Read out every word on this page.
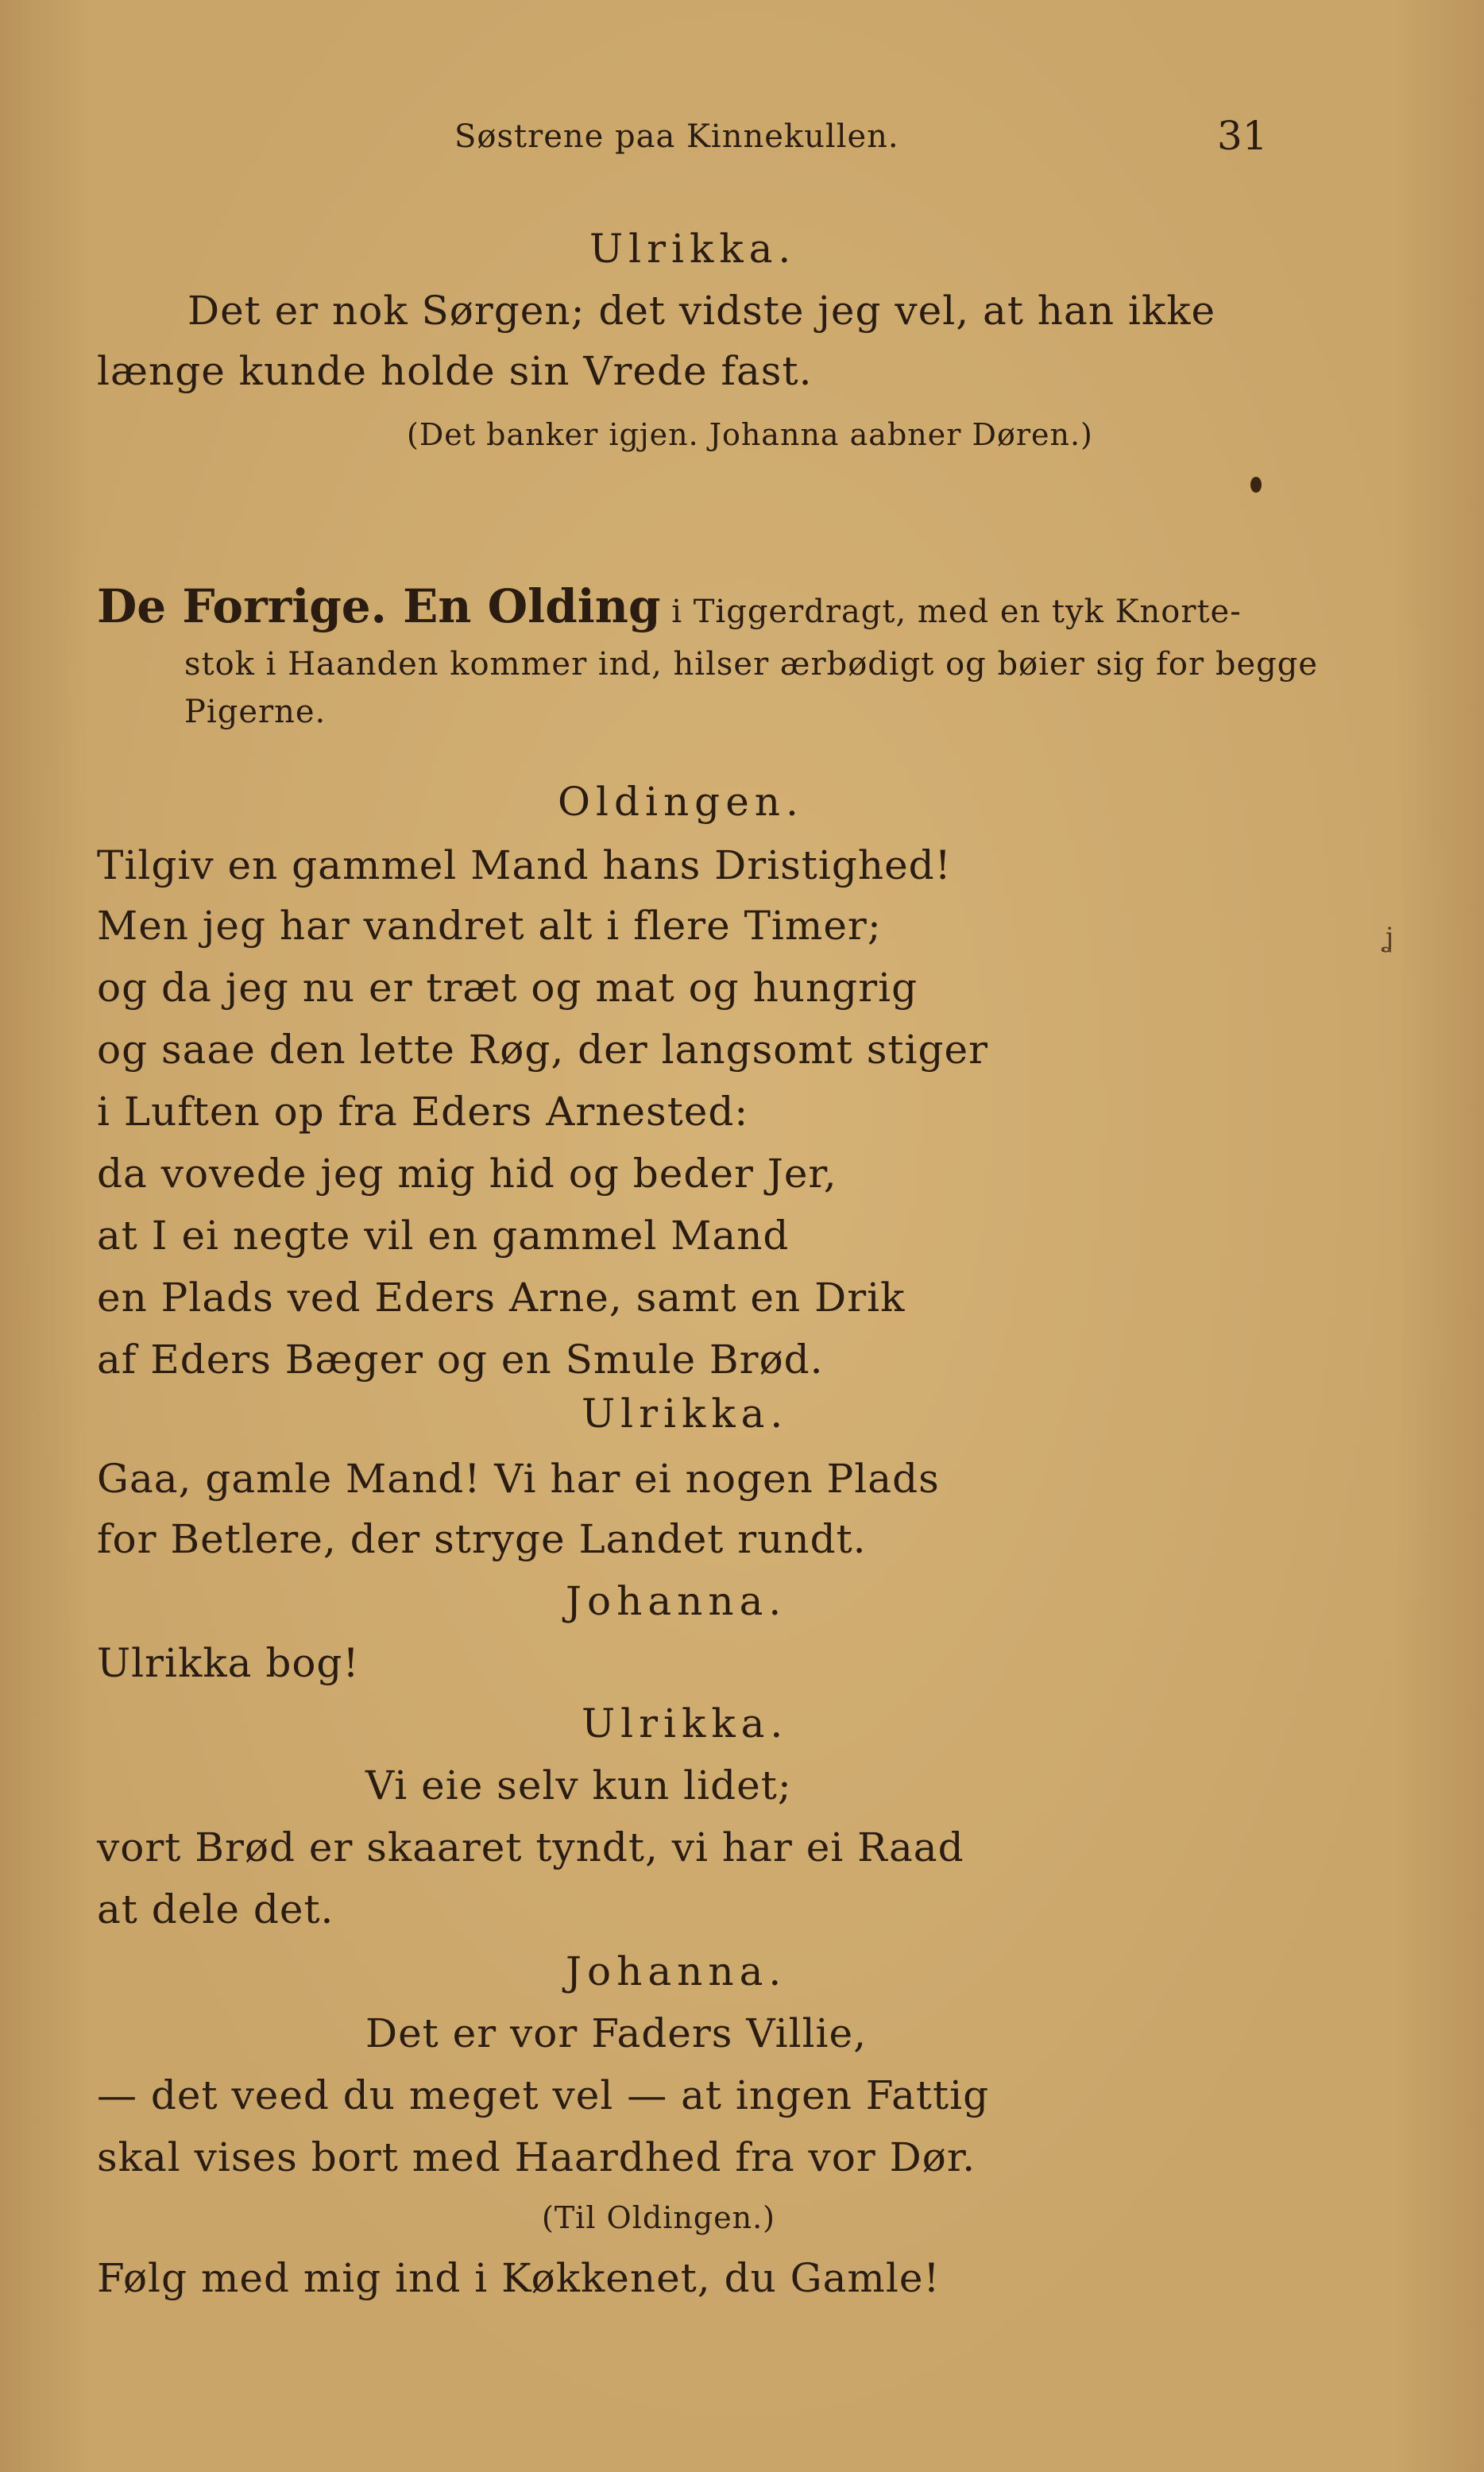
Søstrene paa Kinnekullen.	31
Ulrikka.
Det er nok Sørgen; det vidste jeg vel, at han ikke
længe kunde holde sin Vrede fast.
(Det banker igjen. Johanna aabner Døren.)
De Forrige. En Olding i Tiggerdragt, med en tyk Knorte-
stok i Haanden kommer ind, hilser ærbødigt og bøier sig for begge
Pigerne.
Oldingen.
Tilgiv en gammel Mand hans Dristighed!
Men jeg har vandret alt i flere Timer;
og da jeg nu er træt og mat og hungrig
og saae den lette Røg, der langsomt stiger
i Luften op fra Eders Arnested:
da vovede jeg mig hid og beder Jer,
at I ei negte vil en gammel Mand
en Plads ved Eders Arne, samt en Drik
af Eders Bæger og en Smule Brød.
ʝ
Ulrikka.
Gaa, gamle Mand! Vi har ei nogen Plads
for Betlere, der stryge Landet rundt.
Johanna.
Ulrikka bog!
Ulrikka.
Vi eie selv kun lidet;
vort Brød er skaaret tyndt, vi har ei Raad
at dele det.
Johanna.
Det er vor Faders Villie,
— det veed du meget vel — at ingen Fattig
skal vises bort med Haardhed fra vor Dør.
(Til Oldingen.)
Følg med mig ind i Køkkenet, du Gamle!
